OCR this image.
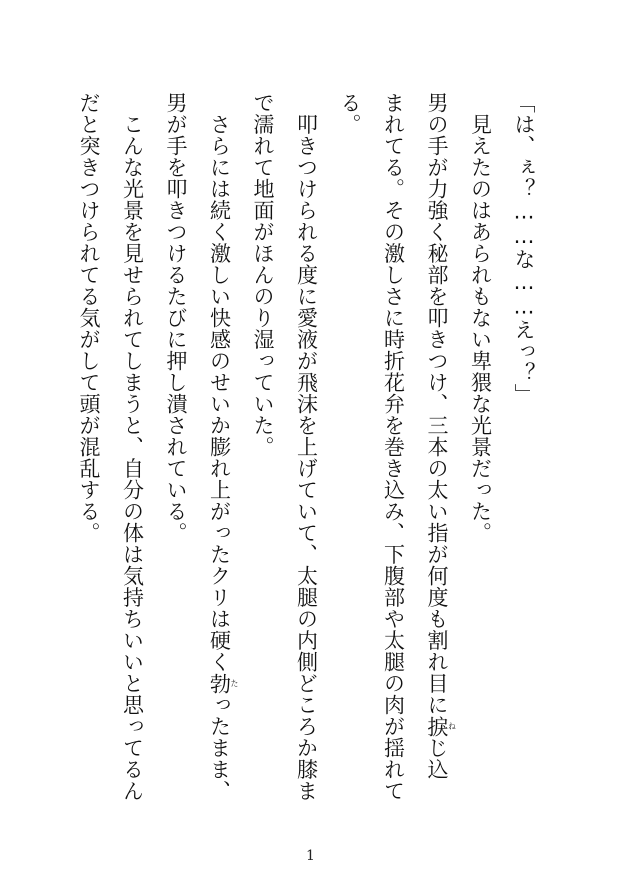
「は、ぇ？……な……えっ？」
　見えたのはあられもない卑猥な光景だった。
男の手が力強く秘部を叩きつけ、三本の太い指が何度も割れ目に捩ねじ込
まれてる。その激しさに時折花弁を巻き込み、下腹部や太腿の肉が揺れて
る。
　叩きつけられる度に愛液が飛沫を上げていて、太腿の内側どころか膝ま
で濡れて地面がほんのり湿っていた。
　さらには続く激しい快感のせいか膨れ上がったクリは硬く勃たったまま、
男が手を叩きつけるたびに押し潰されている。
　こんな光景を見せられてしまうと、自分の体は気持ちいいと思ってるん
だと突きつけられてる気がして頭が混乱する。
1
